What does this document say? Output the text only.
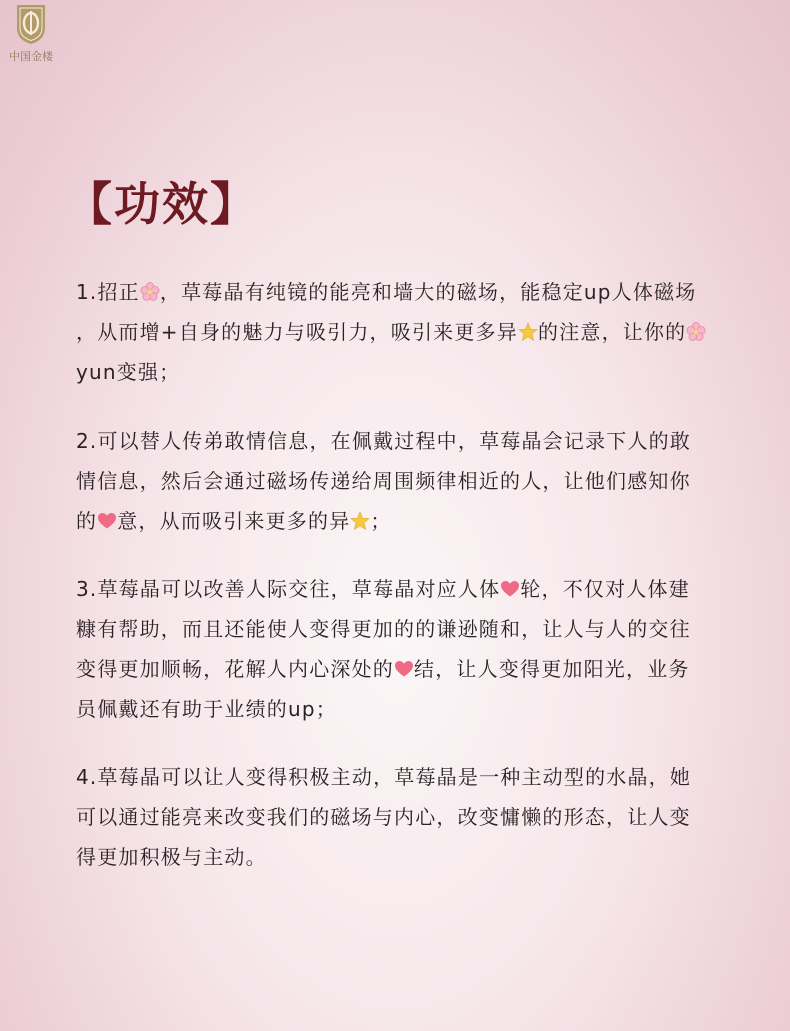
中国金楼
【功效】
1.招正 ，草莓晶有纯镜的能亮和墙大的磁场，能稳定up人体磁场
，从而增+自身的魅力与吸引力，吸引来更多异 的注意，让你的
yun变强；
2.可以替人传弟敢情信息，在佩戴过程中，草莓晶会记录下人的敢
情信息，然后会通过磁场传递给周围频律相近的人，让他们感知你
的 意，从而吸引来更多的异 ；
3.草莓晶可以改善人际交往，草莓晶对应人体 轮，不仅对人体建
糠有帮助，而且还能使人变得更加的的谦逊随和，让人与人的交往
变得更加顺畅，花解人内心深处的 结，让人变得更加阳光，业务
员佩戴还有助于业绩的up；
4.草莓晶可以让人变得积极主动，草莓晶是一种主动型的水晶，她
可以通过能亮来改变我们的磁场与内心，改变慵懒的形态，让人变
得更加积极与主动。
